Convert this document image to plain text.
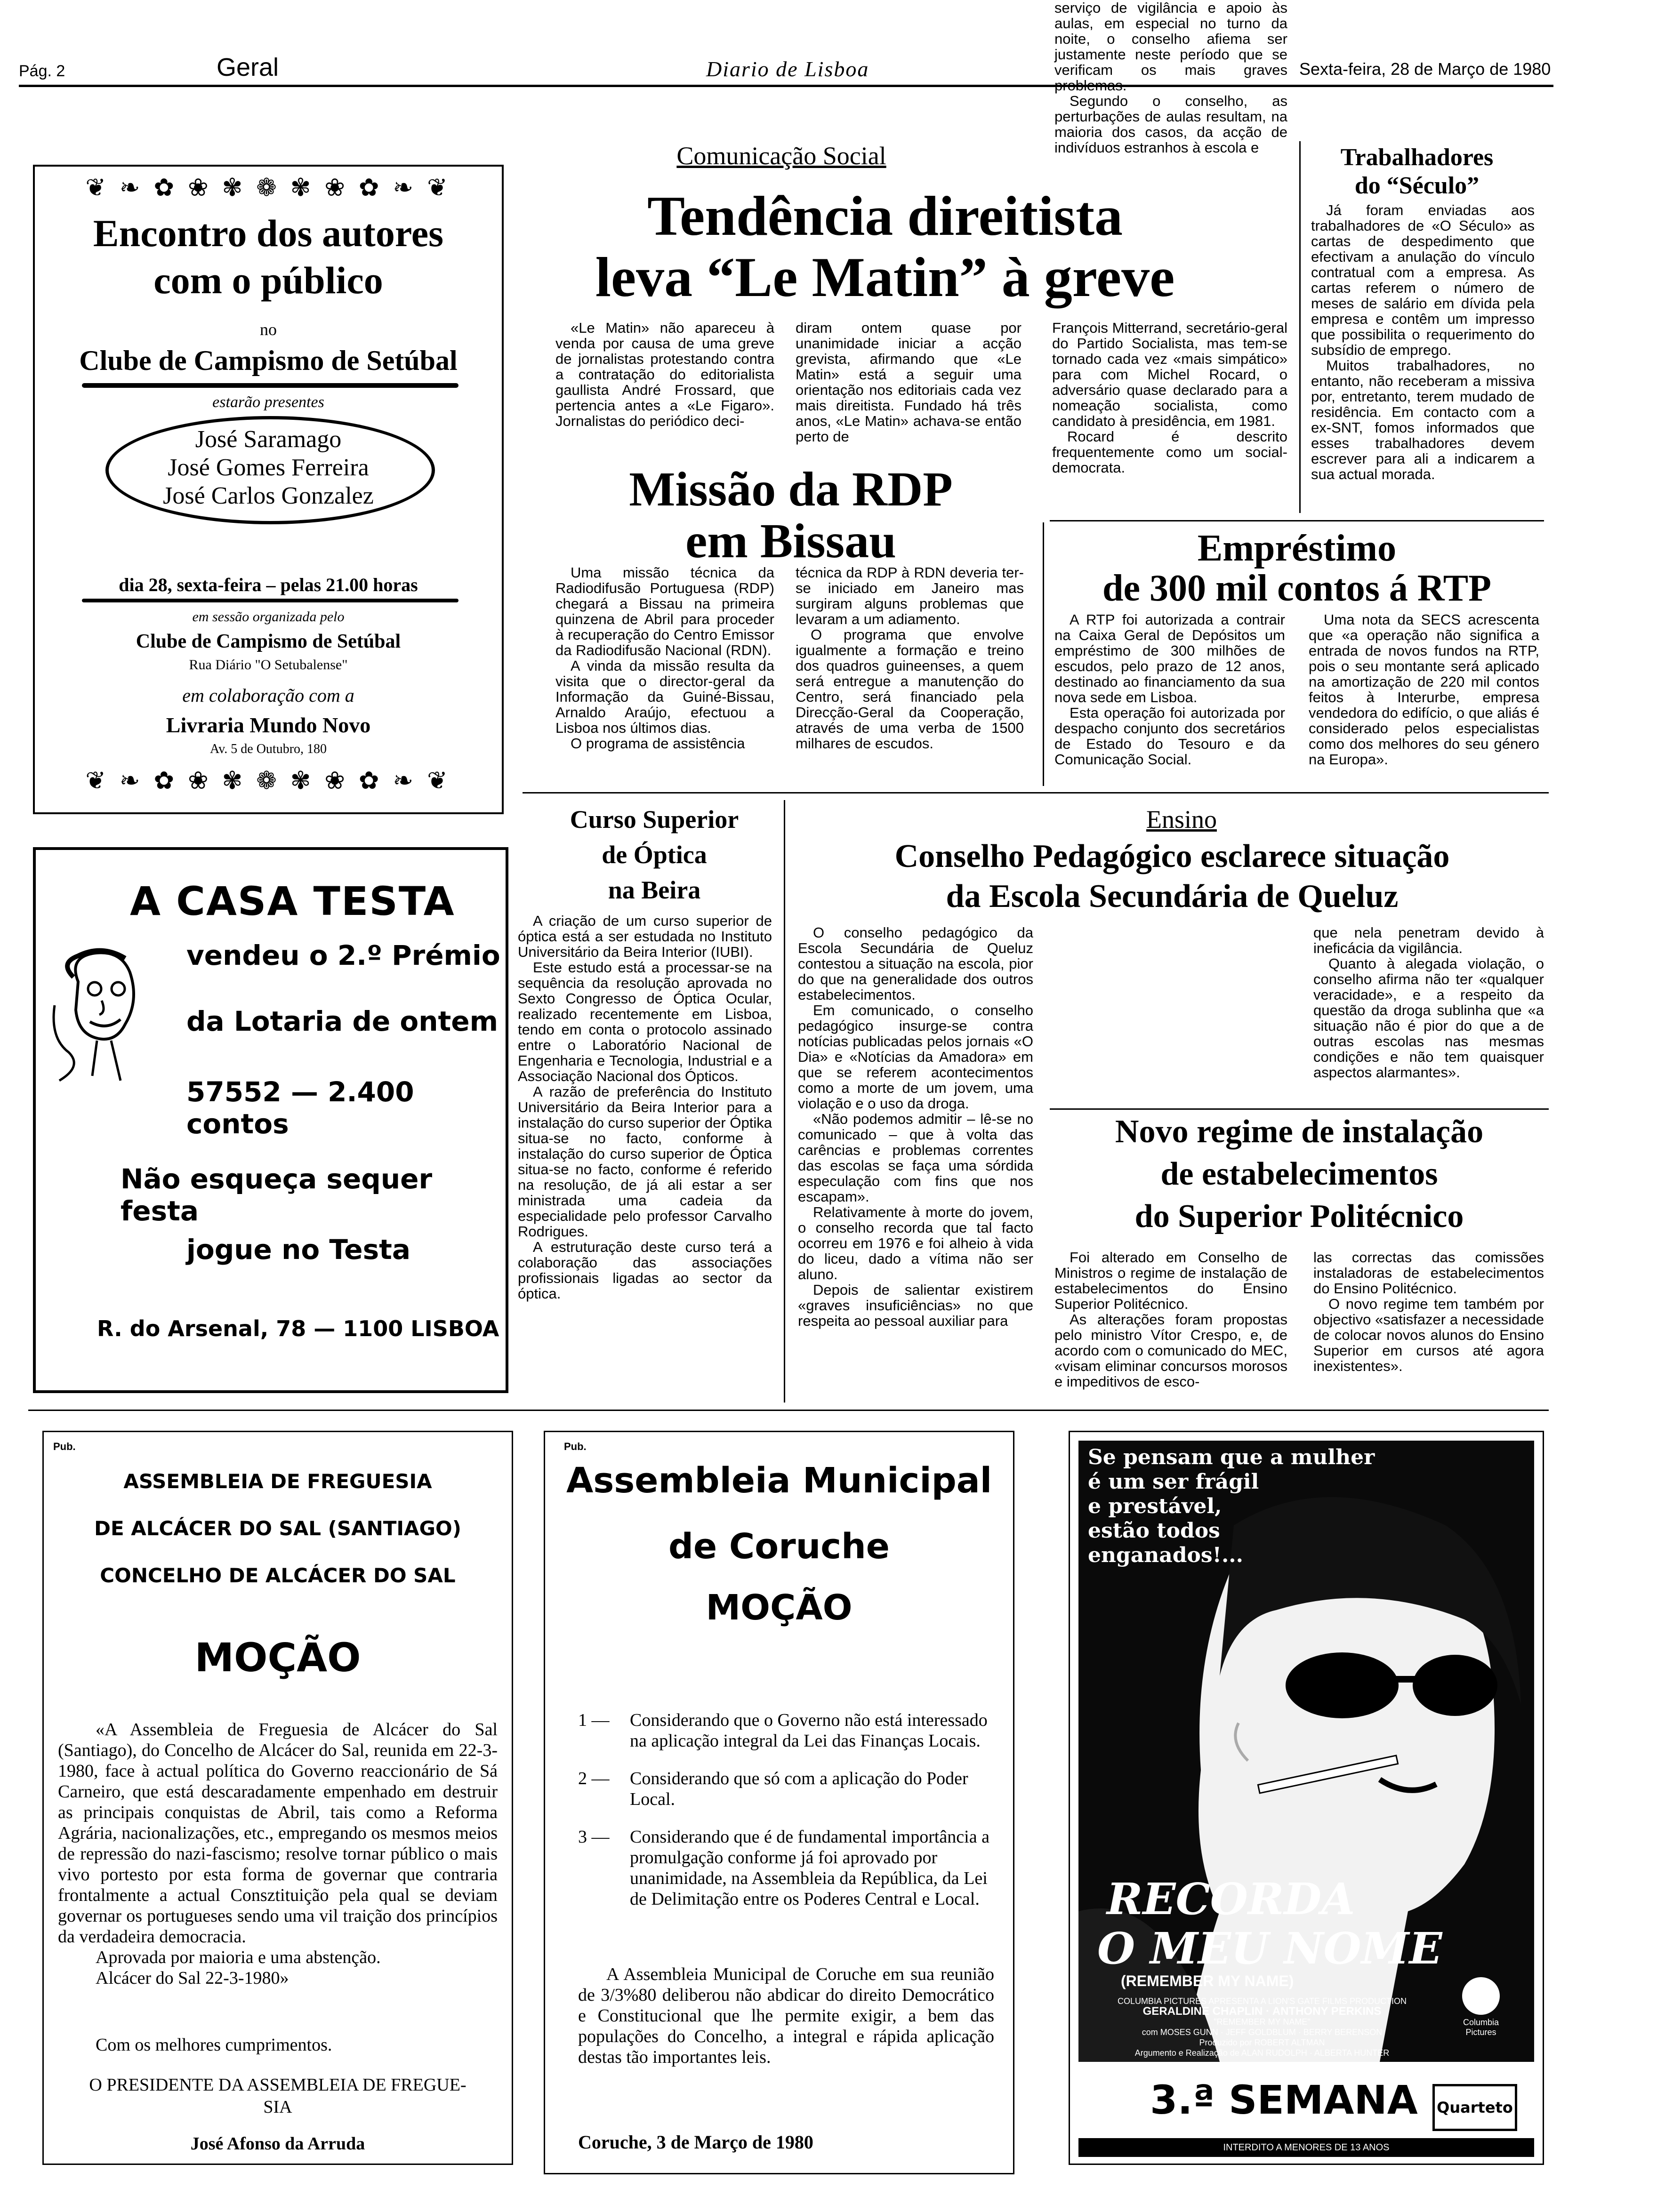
Pág. 2	Geral	Diario de Lisboa	Sexta-feira, 28 de Março de 1980
❦ ❧ ✿ ❀ ✾ ❁ ✾ ❀ ✿ ❧ ❦
Encontro dos autores
com o público
no
Clube de Campismo de Setúbal
estarão presentes
José Saramago
José Gomes Ferreira
José Carlos Gonzalez
dia 28, sexta-feira – pelas 21.00 horas
em sessão organizada pelo
Clube de Campismo de Setúbal
Rua Diário "O Setubalense"
em colaboração com a
Livraria Mundo Novo
Av. 5 de Outubro, 180
❦ ❧ ✿ ❀ ✾ ❁ ✾ ❀ ✿ ❧ ❦
Comunicação Social
Tendência direitista
leva “Le Matin” à greve

«Le Matin» não apareceu à venda por causa de uma greve de jornalistas protestando contra a contratação do editorialista gaullista André Frossard, que pertencia antes a «Le Figaro». Jornalistas do periódico deci-

diram ontem quase por unanimidade iniciar a acção grevista, afirmando que «Le Matin» está a seguir uma orientação nos editoriais cada vez mais direitista. Fundado há três anos, «Le Matin» achava-se então perto de

François Mitterrand, secretário-geral do Partido Socialista, mas tem-se tornado cada vez «mais simpático» para com Michel Rocard, o adversário quase declarado para a nomeação socialista, como candidato à presidência, em 1981.

Rocard é descrito frequentemente como um social-democrata.

Trabalhadores
do “Século”

Já foram enviadas aos trabalhadores de «O Século» as cartas de despedimento que efectivam a anulação do vínculo contratual com a empresa. As cartas referem o número de meses de salário em dívida pela empresa e contêm um impresso que possibilita o requerimento do subsídio de emprego.

Muitos trabalhadores, no entanto, não receberam a missiva por, entretanto, terem mudado de residência. Em contacto com a ex-SNT, fomos informados que esses trabalhadores devem escrever para ali a indicarem a sua actual morada.

Missão da RDP
em Bissau

Uma missão técnica da Radiodifusão Portuguesa (RDP) chegará a Bissau na primeira quinzena de Abril para proceder à recuperação do Centro Emissor da Radiodifusão Nacional (RDN).

A vinda da missão resulta da visita que o director-geral da Informação da Guiné-Bissau, Arnaldo Araújo, efectuou a Lisboa nos últimos dias.

O programa de assistência

técnica da RDP à RDN deveria ter-se iniciado em Janeiro mas surgiram alguns problemas que levaram a um adiamento.

O programa que envolve igualmente a formação e treino dos quadros guineenses, a quem será entregue a manutenção do Centro, será financiado pela Direcção-Geral da Cooperação, através de uma verba de 1500 milhares de escudos.

Empréstimo
de 300 mil contos á RTP

A RTP foi autorizada a contrair na Caixa Geral de Depósitos um empréstimo de 300 milhões de escudos, pelo prazo de 12 anos, destinado ao financiamento da sua nova sede em Lisboa.

Esta operação foi autorizada por despacho conjunto dos secretários de Estado do Tesouro e da Comunicação Social.

Uma nota da SECS acrescenta que «a operação não significa a entrada de novos fundos na RTP, pois o seu montante será aplicado na amortização de 220 mil contos feitos à Interurbe, empresa vendedora do edifício, o que aliás é considerado pelos especialistas como dos melhores do seu género na Europa».

A CASA TESTA
vendeu o 2.º Prémio
da Lotaria de ontem
57552 — 2.400 contos
Não esqueça sequer festa
jogue no Testa
R. do Arsenal, 78 — 1100 LISBOA
Curso Superior
de Óptica
na Beira

A criação de um curso superior de óptica está a ser estudada no Instituto Universitário da Beira Interior (IUBI).

Este estudo está a processar-se na sequência da resolução aprovada no Sexto Congresso de Óptica Ocular, realizado recentemente em Lisboa, tendo em conta o protocolo assinado entre o Laboratório Nacional de Engenharia e Tecnologia, Industrial e a Associação Nacional dos Ópticos.

A razão de preferência do Instituto Universitário da Beira Interior para a instalação do curso superior der Óptika situa-se no facto, conforme à instalação do curso superior de Óptica situa-se no facto, conforme é referido na resolução, de já ali estar a ser ministrada uma cadeia da especialidade pelo professor Carvalho Rodrigues.

A estruturação deste curso terá a colaboração das associações profissionais ligadas ao sector da óptica.

Ensino
Conselho Pedagógico esclarece situação
da Escola Secundária de Queluz

O conselho pedagógico da Escola Secundária de Queluz contestou a situação na escola, pior do que na generalidade dos outros estabelecimentos.

Em comunicado, o conselho pedagógico insurge-se contra notícias publicadas pelos jornais «O Dia» e «Notícias da Amadora» em que se referem acontecimentos como a morte de um jovem, uma violação e o uso da droga.

«Não podemos admitir – lê-se no comunicado – que à volta das carências e problemas correntes das escolas se faça uma sórdida especulação com fins que nos escapam».

Relativamente à morte do jovem, o conselho recorda que tal facto ocorreu em 1976 e foi alheio à vida do liceu, dado a vítima não ser aluno.

Depois de salientar existirem «graves insuficiências» no que respeita ao pessoal auxiliar para

serviço de vigilância e apoio às aulas, em especial no turno da noite, o conselho afiema ser justamente neste período que se verificam os mais graves problemas.

Segundo o conselho, as perturbações de aulas resultam, na maioria dos casos, da acção de indivíduos estranhos à escola e

que nela penetram devido à ineficácia da vigilância.

Quanto à alegada violação, o conselho afirma não ter «qualquer veracidade», e a respeito da questão da droga sublinha que «a situação não é pior do que a de outras escolas nas mesmas condições e não tem quaisquer aspectos alarmantes».

Novo regime de instalação
de estabelecimentos
do Superior Politécnico

Foi alterado em Conselho de Ministros o regime de instalação de estabelecimentos do Ensino Superior Politécnico.

As alterações foram propostas pelo ministro Vítor Crespo, e, de acordo com o comunicado do MEC, «visam eliminar concursos morosos e impeditivos de esco-

las correctas das comissões instaladoras de estabelecimentos do Ensino Politécnico.

O novo regime tem também por objectivo «satisfazer a necessidade de colocar novos alunos do Ensino Superior em cursos até agora inexistentes».

Pub.
ASSEMBLEIA DE FREGUESIA
DE ALCÁCER DO SAL (SANTIAGO)
CONCELHO DE ALCÁCER DO SAL
MOÇÃO

«A Assembleia de Freguesia de Alcácer do Sal (Santiago), do Concelho de Alcácer do Sal, reunida em 22-3-1980, face à actual política do Governo reaccionário de Sá Carneiro, que está descaradamente empenhado em destruir as principais conquistas de Abril, tais como a Reforma Agrária, nacionalizações, etc., empregando os mesmos meios de repressão do nazi-fascismo; resolve tornar público o mais vivo portesto por esta forma de governar que contraria frontalmente a actual Consztituição pela qual se deviam governar os portugueses sendo uma vil traição dos princípios da verdadeira democracia.

Aprovada por maioria e uma abstenção.

Alcácer do Sal 22-3-1980»

Com os melhores cumprimentos.
O PRESIDENTE DA ASSEMBLEIA DE FREGUE-
SIA
José Afonso da Arruda
Pub.
Assembleia Municipal
de Coruche
MOÇÃO

1 —	Considerando que o Governo não está interessado na aplicação integral da Lei das Finanças Locais.

2 —	Considerando que só com a aplicação do Poder Local.

3 —	Considerando que é de fundamental importância a promulgação conforme já foi aprovado por unanimidade, na Assembleia da República, da Lei de Delimitação entre os Poderes Central e Local.

A Assembleia Municipal de Coruche em sua reunião de 3/3%80 deliberou não abdicar do direito Democrático e Constitucional que lhe permite exigir, a bem das populações do Concelho, a integral e rápida aplicação destas tão importantes leis.
Coruche, 3 de Março de 1980
Se pensam que a mulher
é um ser frágil
e prestável,
estão todos
enganados!...
RECORDA
O MEU NOME
(REMEMBER MY NAME)
COLUMBIA PICTURES APRESENTA A LION'S GATE FILMS PRODUCTION
GERALDINE CHAPLIN · ANTHONY PERKINS
"REMEMBER MY NAME"
com MOSES GUNN · JEFF GOLDBLUM · BERRY BERENSON
Produzido por ROBERT ALTMAN
Argumento e Realização de ALAN RUDOLPH · ALBERTA HUNTER
Columbia Pictures
3.ª SEMANA Quarteto
INTERDITO A MENORES DE 13 ANOS
